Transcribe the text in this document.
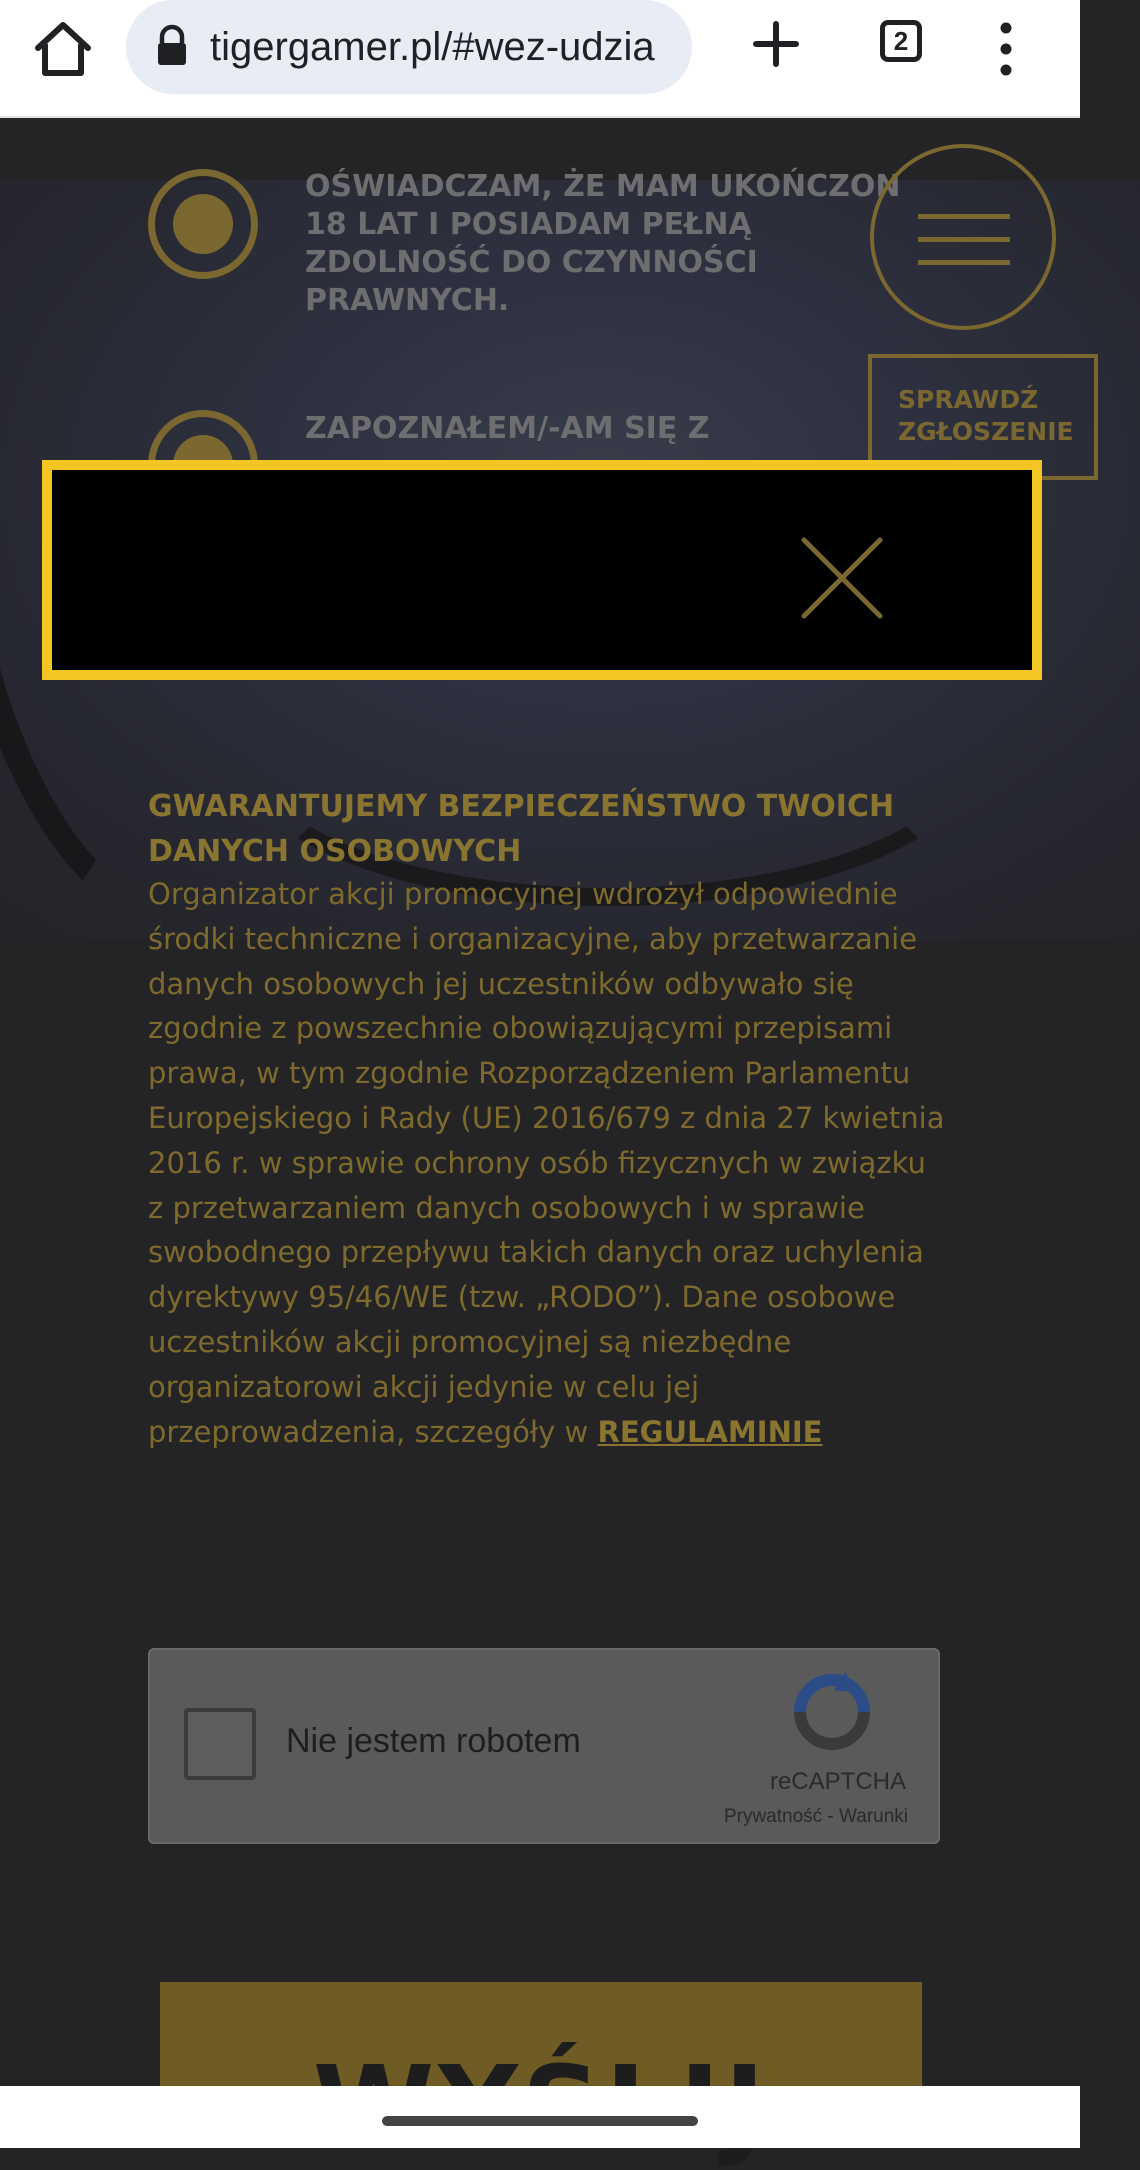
tigergamer.pl/#wez-udzia	2
OŚWIADCZAM, ŻE MAM UKOŃCZON
18 LAT I POSIADAM PEŁNĄ
ZDOLNOŚĆ DO CZYNNOŚCI
PRAWNYCH.
ZAPOZNAŁEM/-AM SIĘ Z
SPRAWDŹ
ZGŁOSZENIE
GWARANTUJEMY BEZPIECZEŃSTWO TWOICH DANYCH OSOBOWYCH
Organizator akcji promocyjnej wdrożył odpowiednie środki techniczne i organizacyjne, aby przetwarzanie danych osobowych jej uczestników odbywało się zgodnie z powszechnie obowiązującymi przepisami prawa, w tym zgodnie Rozporządzeniem Parlamentu Europejskiego i Rady (UE) 2016/679 z dnia 27 kwietnia 2016 r. w sprawie ochrony osób fizycznych w związku z przetwarzaniem danych osobowych i w sprawie swobodnego przepływu takich danych oraz uchylenia dyrektywy 95/46/WE (tzw. „RODO”). Dane osobowe uczestników akcji promocyjnej są niezbędne organizatorowi akcji jedynie w celu jej przeprowadzenia, szczegóły w REGULAMINIE
Nie jestem robotem
reCAPTCHA
Prywatność - Warunki
